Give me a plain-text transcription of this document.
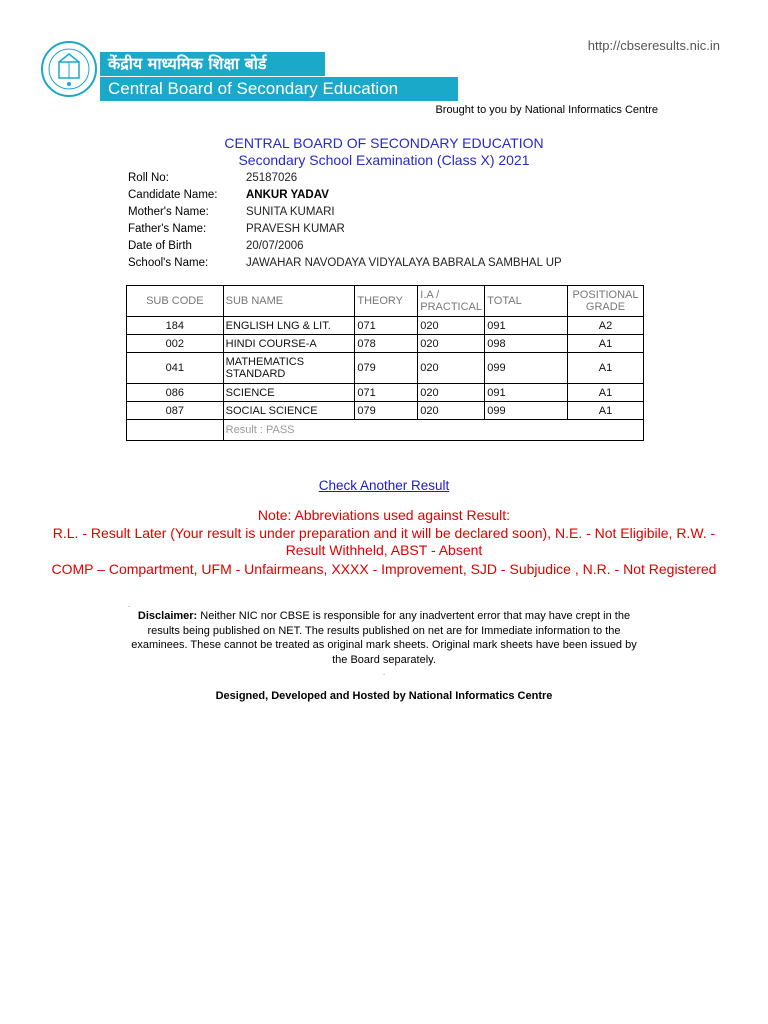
http://cbseresults.nic.in
केंद्रीय माध्यमिक शिक्षा बोर्ड
Central Board of Secondary Education
Brought to you by National Informatics Centre
CENTRAL BOARD OF SECONDARY EDUCATION
Secondary School Examination (Class X) 2021
Roll No:	25187026
Candidate Name:	ANKUR YADAV
Mother's Name:	SUNITA KUMARI
Father's Name:	PRAVESH KUMAR
Date of Birth	20/07/2006
School's Name:	JAWAHAR NAVODAYA VIDYALAYA BABRALA SAMBHAL UP
SUB CODE	SUB NAME	THEORY	I.A / PRACTICAL	TOTAL	POSITIONAL GRADE
184	ENGLISH LNG & LIT.	071	020	091	A2
002	HINDI COURSE-A	078	020	098	A1
041	MATHEMATICS STANDARD	079	020	099	A1
086	SCIENCE	071	020	091	A1
087	SOCIAL SCIENCE	079	020	099	A1
	Result : PASS				
Check Another Result
Note: Abbreviations used against Result:
R.L. - Result Later (Your result is under preparation and it will be declared soon), N.E. - Not Eligibile, R.W. - Result Withheld, ABST - Absent
COMP – Compartment, UFM - Unfairmeans, XXXX - Improvement, SJD - Subjudice , N.R. - Not Registered
.
Disclaimer: Neither NIC nor CBSE is responsible for any inadvertent error that may have crept in the results being published on NET. The results published on net are for Immediate information to the examinees. These cannot be treated as original mark sheets. Original mark sheets have been issued by the Board separately.
.
Designed, Developed and Hosted by National Informatics Centre
